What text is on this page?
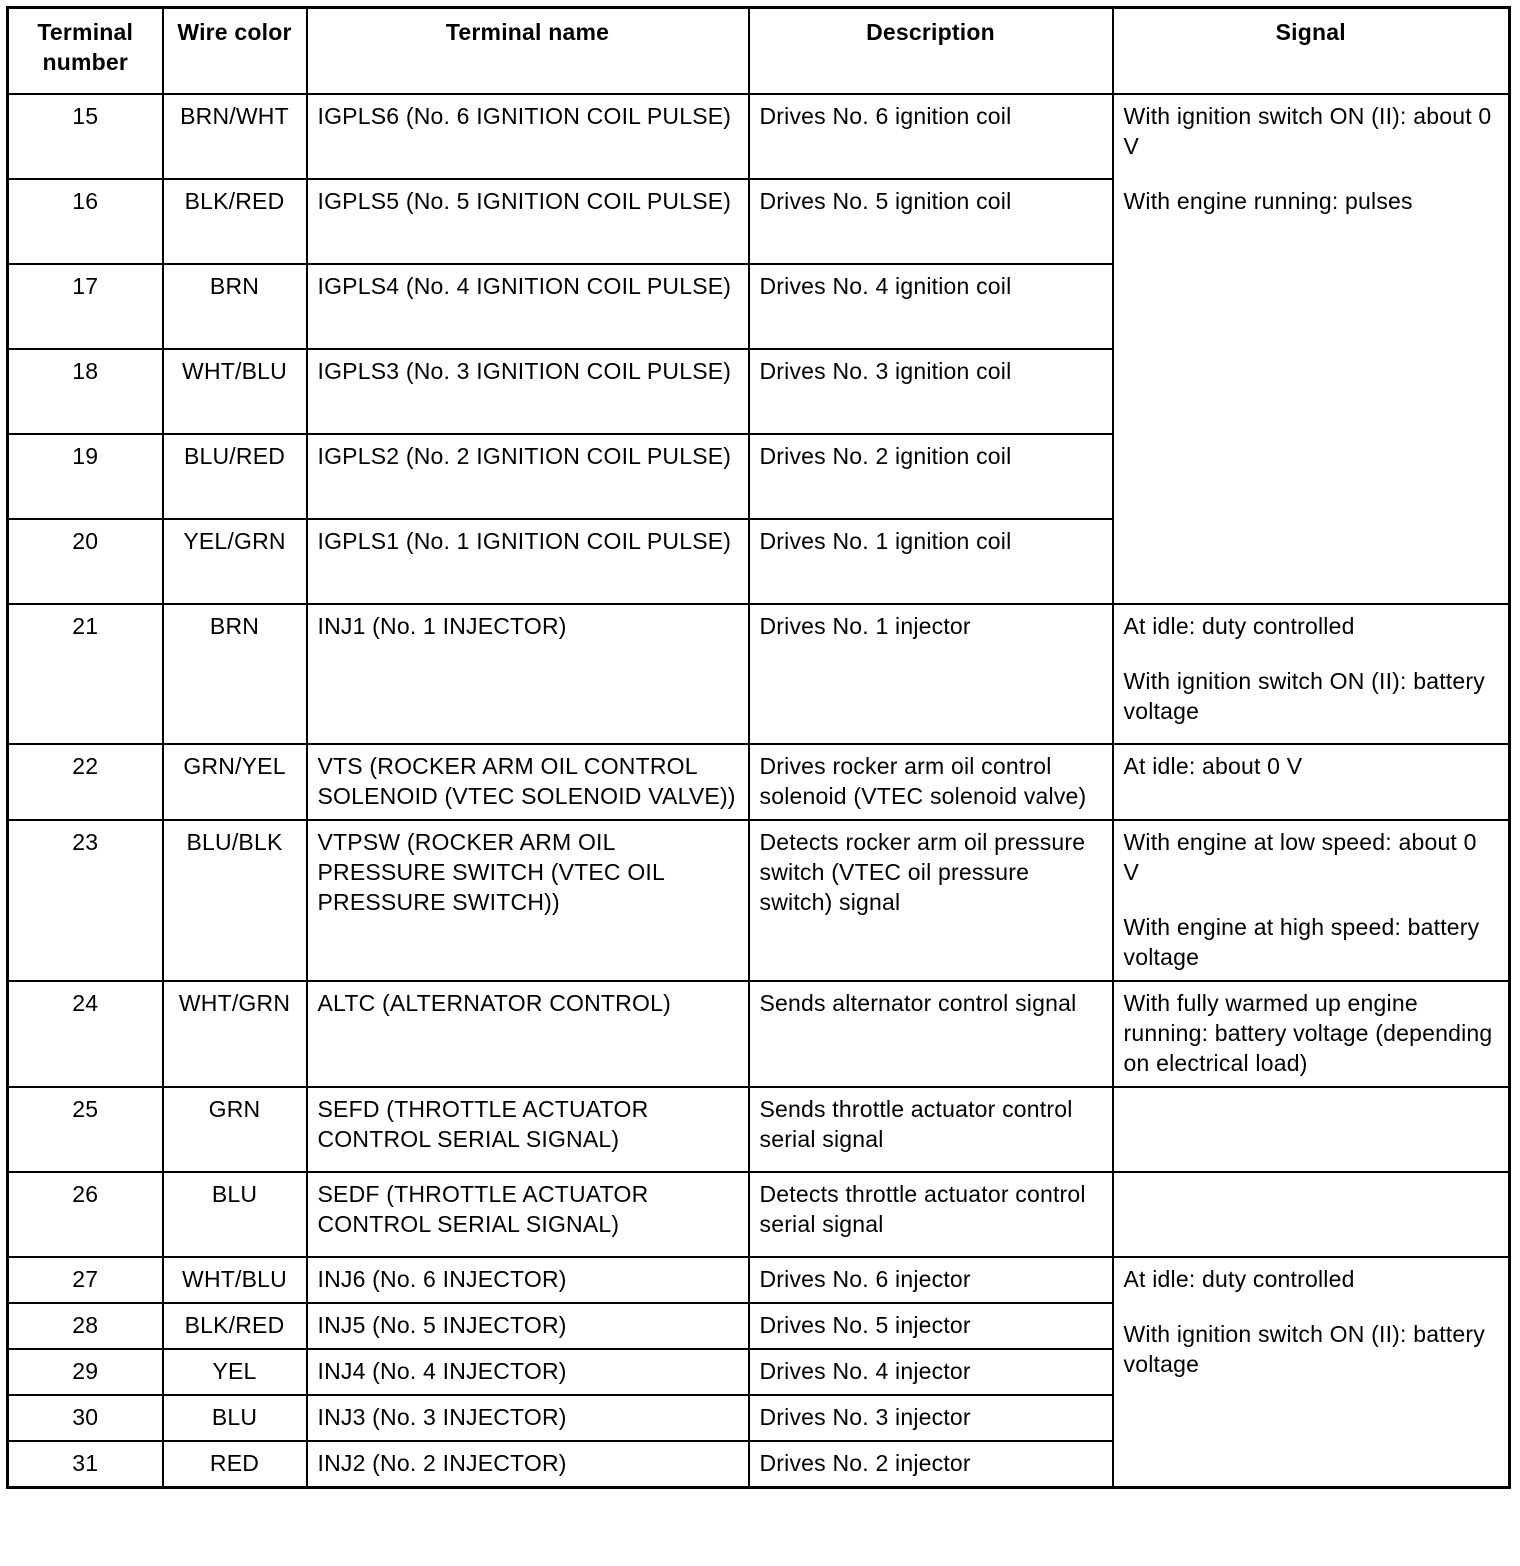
Terminal number	Wire color	Terminal name	Description	Signal
15	BRN/WHT	IGPLS6 (No. 6 IGNITION COIL PULSE)	Drives No. 6 ignition coil	With ignition switch ON (II): about 0 V
With engine running: pulses

16	BLK/RED	IGPLS5 (No. 5 IGNITION COIL PULSE)	Drives No. 5 ignition coil	
17	BRN	IGPLS4 (No. 4 IGNITION COIL PULSE)	Drives No. 4 ignition coil	
18	WHT/BLU	IGPLS3 (No. 3 IGNITION COIL PULSE)	Drives No. 3 ignition coil	
19	BLU/RED	IGPLS2 (No. 2 IGNITION COIL PULSE)	Drives No. 2 ignition coil	
20	YEL/GRN	IGPLS1 (No. 1 IGNITION COIL PULSE)	Drives No. 1 ignition coil	
21	BRN	INJ1 (No. 1 INJECTOR)	Drives No. 1 injector	At idle: duty controlled
With ignition switch ON (II): battery voltage

22	GRN/YEL	VTS (ROCKER ARM OIL CONTROL SOLENOID (VTEC SOLENOID VALVE))	Drives rocker arm oil control solenoid (VTEC solenoid valve)	At idle: about 0 V

23	BLU/BLK	VTPSW (ROCKER ARM OIL PRESSURE SWITCH (VTEC OIL PRESSURE SWITCH))	Detects rocker arm oil pressure switch (VTEC oil pressure switch) signal	With engine at low speed: about 0 V
With engine at high speed: battery voltage

24	WHT/GRN	ALTC (ALTERNATOR CONTROL)	Sends alternator control signal	With fully warmed up engine running: battery voltage (depending on electrical load)

25	GRN	SEFD (THROTTLE ACTUATOR CONTROL SERIAL SIGNAL)	Sends throttle actuator control serial signal	
26	BLU	SEDF (THROTTLE ACTUATOR CONTROL SERIAL SIGNAL)	Detects throttle actuator control serial signal	
27	WHT/BLU	INJ6 (No. 6 INJECTOR)	Drives No. 6 injector	At idle: duty controlled
With ignition switch ON (II): battery voltage

28	BLK/RED	INJ5 (No. 5 INJECTOR)	Drives No. 5 injector	
29	YEL	INJ4 (No. 4 INJECTOR)	Drives No. 4 injector	
30	BLU	INJ3 (No. 3 INJECTOR)	Drives No. 3 injector	
31	RED	INJ2 (No. 2 INJECTOR)	Drives No. 2 injector	
